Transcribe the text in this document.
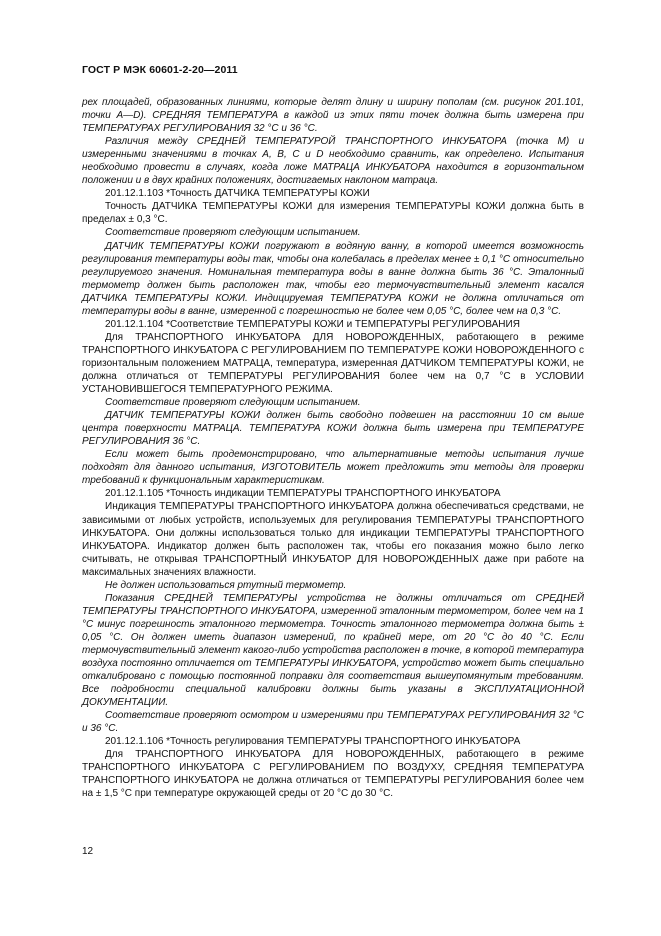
ГОСТ Р МЭК 60601-2-20—2011

рех площадей, образованных линиями, которые делят длину и ширину пополам (см. рисунок 201.101, точки А—D). СРЕДНЯЯ ТЕМПЕРАТУРА в каждой из этих пяти точек должна быть измерена при ТЕМПЕРАТУРАХ РЕГУЛИРОВАНИЯ 32 °С и 36 °С.

Различия между СРЕДНЕЙ ТЕМПЕРАТУРОЙ ТРАНСПОРТНОГО ИНКУБАТОРА (точка М) и измеренными значениями в точках А, В, С и D необходимо сравнить, как определено. Испытания необходимо провести в случаях, когда ложе МАТРАЦА ИНКУБАТОРА находится в горизонтальном положении и в двух крайних положениях, достигаемых наклоном матраца.

201.12.1.103 *Точность ДАТЧИКА ТЕМПЕРАТУРЫ КОЖИ

Точность ДАТЧИКА ТЕМПЕРАТУРЫ КОЖИ для измерения ТЕМПЕРАТУРЫ КОЖИ должна быть в пределах ± 0,3 °С.

Соответствие проверяют следующим испытанием.

ДАТЧИК ТЕМПЕРАТУРЫ КОЖИ погружают в водяную ванну, в которой имеется возможность регулирования температуры воды так, чтобы она колебалась в пределах менее ± 0,1 °С относительно регулируемого значения. Номинальная температура воды в ванне должна быть 36 °С. Эталонный термометр должен быть расположен так, чтобы его термочувствительный элемент касался ДАТЧИКА ТЕМПЕРАТУРЫ КОЖИ. Индицируемая ТЕМПЕРАТУРА КОЖИ не должна отличаться от температуры воды в ванне, измеренной с погрешностью не более чем 0,05 °С, более чем на 0,3 °С.

201.12.1.104 *Соответствие ТЕМПЕРАТУРЫ КОЖИ и ТЕМПЕРАТУРЫ РЕГУЛИРОВАНИЯ

Для ТРАНСПОРТНОГО ИНКУБАТОРА ДЛЯ НОВОРОЖДЕННЫХ, работающего в режиме ТРАНСПОРТНОГО ИНКУБАТОРА С РЕГУЛИРОВАНИЕМ ПО ТЕМПЕРАТУРЕ КОЖИ НОВОРОЖДЕННОГО с горизонтальным положением МАТРАЦА, температура, измеренная ДАТЧИКОМ ТЕМПЕРАТУРЫ КОЖИ, не должна отличаться от ТЕМПЕРАТУРЫ РЕГУЛИРОВАНИЯ более чем на 0,7 °С в УСЛОВИИ УСТАНОВИВШЕГОСЯ ТЕМПЕРАТУРНОГО РЕЖИМА.

Соответствие проверяют следующим испытанием.

ДАТЧИК ТЕМПЕРАТУРЫ КОЖИ должен быть свободно подвешен на расстоянии 10 см выше центра поверхности МАТРАЦА. ТЕМПЕРАТУРА КОЖИ должна быть измерена при ТЕМПЕРАТУРЕ РЕГУЛИРОВАНИЯ 36 °С.

Если может быть продемонстрировано, что альтернативные методы испытания лучше подходят для данного испытания, ИЗГОТОВИТЕЛЬ может предложить эти методы для проверки требований к функциональным характеристикам.

201.12.1.105 *Точность индикации ТЕМПЕРАТУРЫ ТРАНСПОРТНОГО ИНКУБАТОРА

Индикация ТЕМПЕРАТУРЫ ТРАНСПОРТНОГО ИНКУБАТОРА должна обеспечиваться средствами, не зависимыми от любых устройств, используемых для регулирования ТЕМПЕРАТУРЫ ТРАНСПОРТНОГО ИНКУБАТОРА. Они должны использоваться только для индикации ТЕМПЕРАТУРЫ ТРАНСПОРТНОГО ИНКУБАТОРА. Индикатор должен быть расположен так, чтобы его показания можно было легко считывать, не открывая ТРАНСПОРТНЫЙ ИНКУБАТОР ДЛЯ НОВОРОЖДЕННЫХ даже при работе на максимальных значениях влажности.

Не должен использоваться ртутный термометр.

Показания СРЕДНЕЙ ТЕМПЕРАТУРЫ устройства не должны отличаться от СРЕДНЕЙ ТЕМПЕРАТУРЫ ТРАНСПОРТНОГО ИНКУБАТОРА, измеренной эталонным термометром, более чем на 1 °С минус погрешность эталонного термометра. Точность эталонного термометра должна быть ± 0,05 °С. Он должен иметь диапазон измерений, по крайней мере, от 20 °С до 40 °С. Если термочувствительный элемент какого-либо устройства расположен в точке, в которой температура воздуха постоянно отличается от ТЕМПЕРАТУРЫ ИНКУБАТОРА, устройство может быть специально откалибровано с помощью постоянной поправки для соответствия вышеупомянутым требованиям. Все подробности специальной калибровки должны быть указаны в ЭКСПЛУАТАЦИОННОЙ ДОКУМЕНТАЦИИ.

Соответствие проверяют осмотром и измерениями при ТЕМПЕРАТУРАХ РЕГУЛИРОВАНИЯ 32 °С и 36 °С.

201.12.1.106 *Точность регулирования ТЕМПЕРАТУРЫ ТРАНСПОРТНОГО ИНКУБАТОРА

Для ТРАНСПОРТНОГО ИНКУБАТОРА ДЛЯ НОВОРОЖДЕННЫХ, работающего в режиме ТРАНСПОРТНОГО ИНКУБАТОРА С РЕГУЛИРОВАНИЕМ ПО ВОЗДУХУ, СРЕДНЯЯ ТЕМПЕРАТУРА ТРАНСПОРТНОГО ИНКУБАТОРА не должна отличаться от ТЕМПЕРАТУРЫ РЕГУЛИРОВАНИЯ более чем на ± 1,5 °С при температуре окружающей среды от 20 °С до 30 °С.

12
